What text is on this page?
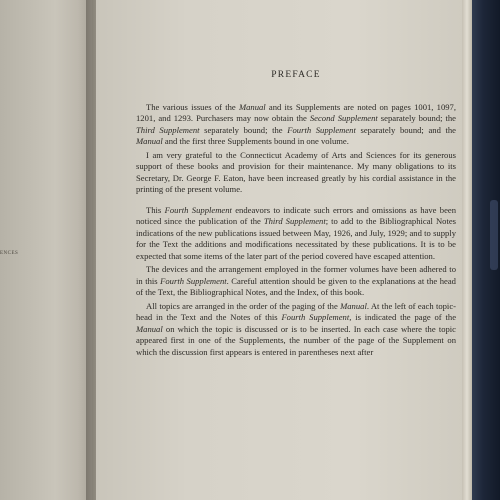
ENCES
PREFACE

The various issues of the Manual and its Supplements are noted on pages 1001, 1097, 1201, and 1293. Purchasers may now obtain the Second Supplement separately bound; the Third Supplement separately bound; the Fourth Supplement separately bound; and the Manual and the first three Supplements bound in one volume.

I am very grateful to the Connecticut Academy of Arts and Sciences for its generous support of these books and provision for their maintenance. My many obligations to its Secretary, Dr. George F. Eaton, have been increased greatly by his cordial assistance in the printing of the present volume.

This Fourth Supplement endeavors to indicate such errors and omissions as have been noticed since the publication of the Third Supplement; to add to the Bibliographical Notes indications of the new publications issued between May, 1926, and July, 1929; and to supply for the Text the additions and modifications necessitated by these publications. It is to be expected that some items of the later part of the period covered have escaped attention.

The devices and the arrangement employed in the former volumes have been adhered to in this Fourth Supplement. Careful attention should be given to the explanations at the head of the Text, the Bibliographical Notes, and the Index, of this book.

All topics are arranged in the order of the paging of the Manual. At the left of each topic-head in the Text and the Notes of this Fourth Supplement, is indicated the page of the Manual on which the topic is discussed or is to be inserted. In each case where the topic appeared first in one of the Supplements, the number of the page of the Supplement on which the discussion first appears is entered in parentheses next after
